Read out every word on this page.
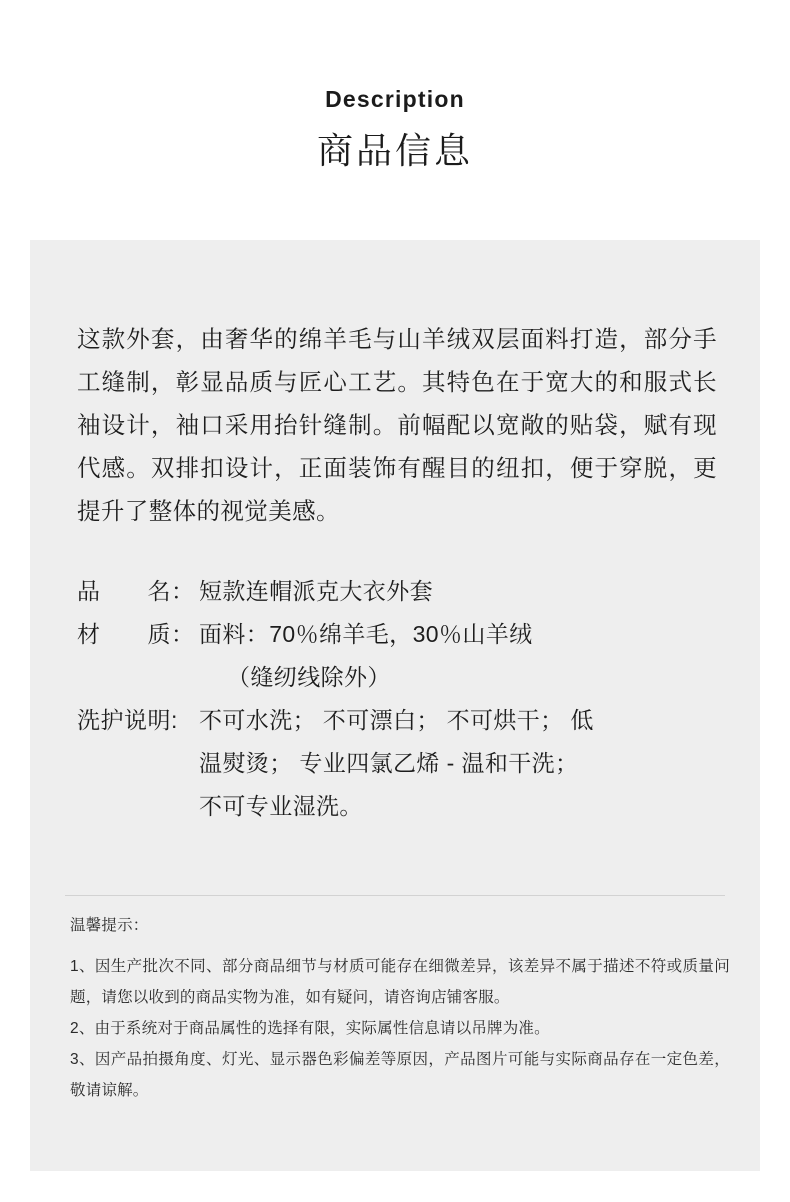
Description
商品信息
这款外套，由奢华的绵羊毛与山羊绒双层面料打造，部分手工缝制，彰显品质与匠心工艺。其特色在于宽大的和服式长袖设计，袖口采用抬针缝制。前幅配以宽敞的贴袋，赋有现代感。双排扣设计，正面装饰有醒目的纽扣，便于穿脱，更提升了整体的视觉美感。
品　　名： 短款连帽派克大衣外套
材　　质： 面料：70％绵羊毛，30％山羊绒
（缝纫线除外）
洗护说明: 不可水洗； 不可漂白； 不可烘干； 低
温熨烫； 专业四氯乙烯 - 温和干洗；
不可专业湿洗。
温馨提示：
1、因生产批次不同、部分商品细节与材质可能存在细微差异，该差异不属于描述不符或质量问题，请您以收到的商品实物为准，如有疑问，请咨询店铺客服。
2、由于系统对于商品属性的选择有限，实际属性信息请以吊牌为准。
3、因产品拍摄角度、灯光、显示器色彩偏差等原因，产品图片可能与实际商品存在一定色差，敬请谅解。
